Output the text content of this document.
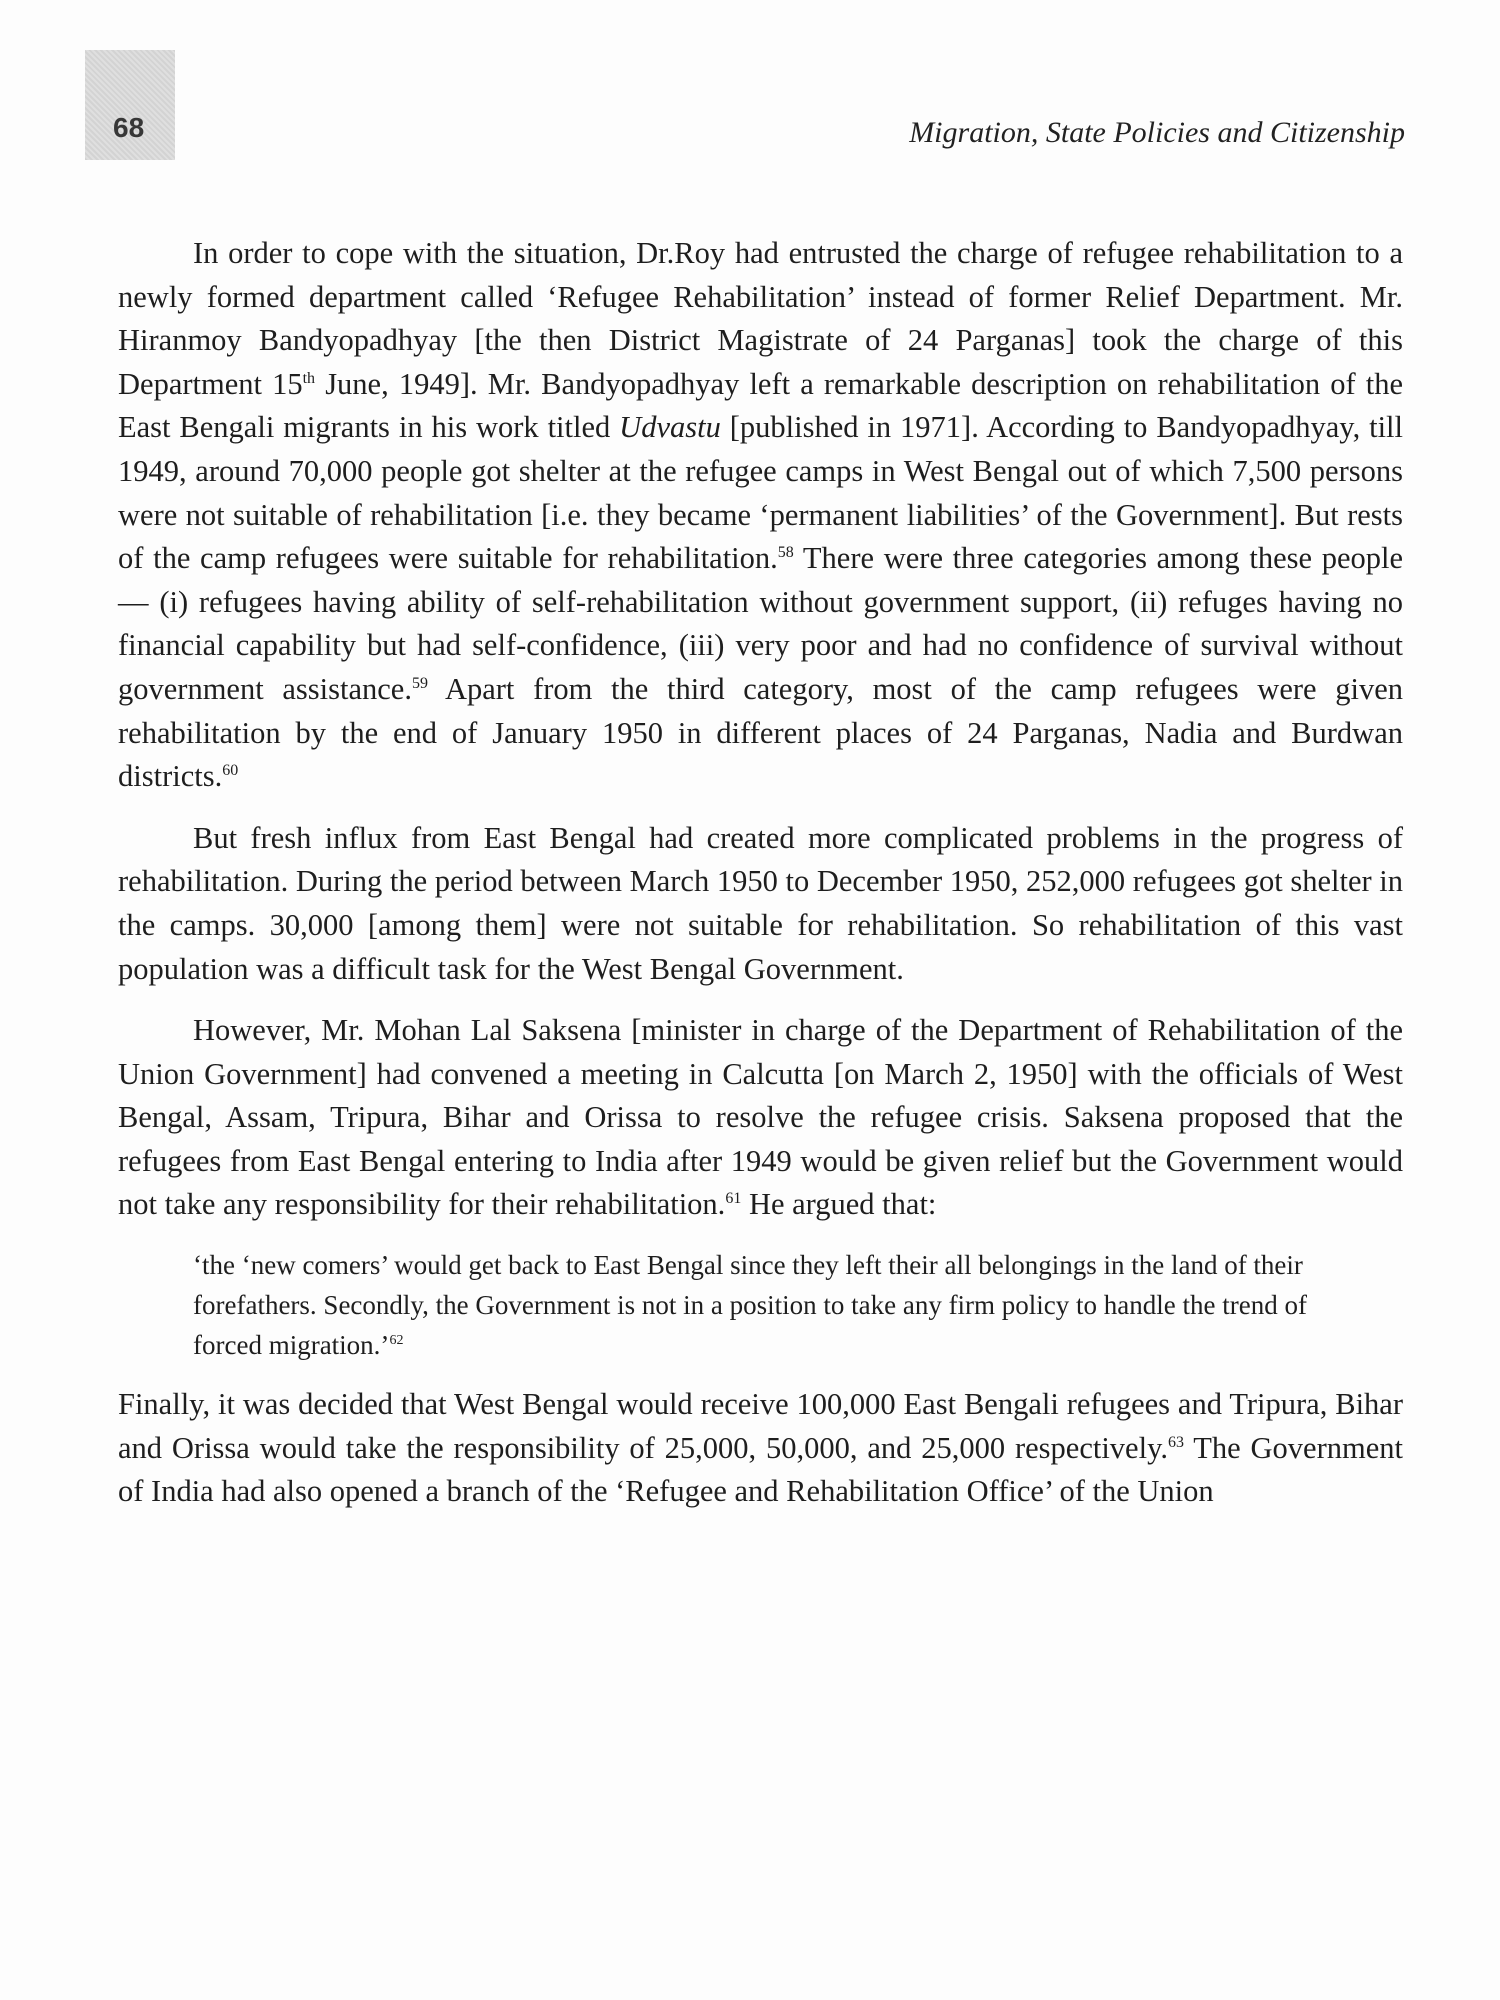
68	Migration, State Policies and Citizenship

In order to cope with the situation, Dr.Roy had entrusted the charge of refugee rehabilitation to a newly formed department called ‘Refugee Rehabilitation’ instead of former Relief Department. Mr. Hiranmoy Bandyopadhyay [the then District Magistrate of 24 Parganas] took the charge of this Department 15th June, 1949]. Mr. Bandyopadhyay left a remarkable description on rehabilitation of the East Bengali migrants in his work titled Udvastu [published in 1971]. According to Bandyopadhyay, till 1949, around 70,000 people got shelter at the refugee camps in West Bengal out of which 7,500 persons were not suitable of rehabilitation [i.e. they became ‘permanent liabilities’ of the Government]. But rests of the camp refugees were suitable for rehabilitation.$^{58}$ There were three categories among these people— (i) refugees having ability of self-rehabilitation without government support, (ii) refuges having no financial capability but had self-confidence, (iii) very poor and had no confidence of survival without government assistance.$^{59}$ Apart from the third category, most of the camp refugees were given rehabilitation by the end of January 1950 in different places of 24 Parganas, Nadia and Burdwan districts.$^{60}$

But fresh influx from East Bengal had created more complicated problems in the progress of rehabilitation. During the period between March 1950 to December 1950, 252,000 refugees got shelter in the camps. 30,000 [among them] were not suitable for rehabilitation. So rehabilitation of this vast population was a difficult task for the West Bengal Government.

However, Mr. Mohan Lal Saksena [minister in charge of the Department of Rehabilitation of the Union Government] had convened a meeting in Calcutta [on March 2, 1950] with the officials of West Bengal, Assam, Tripura, Bihar and Orissa to resolve the refugee crisis. Saksena proposed that the refugees from East Bengal entering to India after 1949 would be given relief but the Government would not take any responsibility for their rehabilitation.$^{61}$ He argued that:

‘the ‘new comers’ would get back to East Bengal since they left their all belongings in the land of their forefathers. Secondly, the Government is not in a position to take any firm policy to handle the trend of forced migration.’$^{62}$

Finally, it was decided that West Bengal would receive 100,000 East Bengali refugees and Tripura, Bihar and Orissa would take the responsibility of 25,000, 50,000, and 25,000 respectively.$^{63}$ The Government of India had also opened a branch of the ‘Refugee and Rehabilitation Office’ of the Union
